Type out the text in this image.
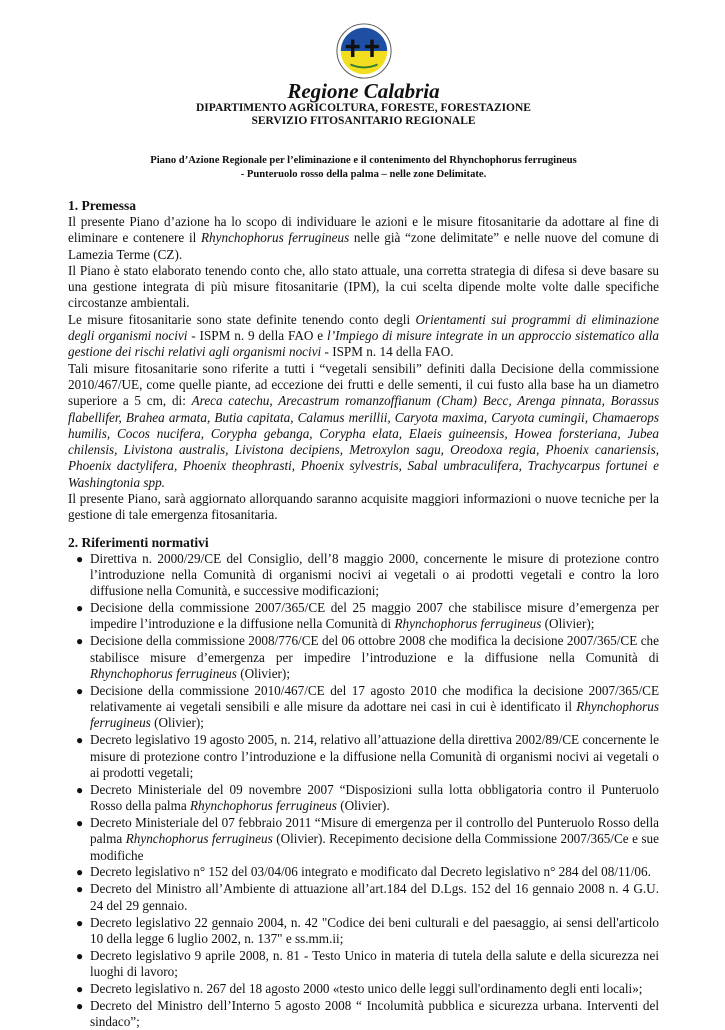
Regione Calabria
DIPARTIMENTO AGRICOLTURA, FORESTE, FORESTAZIONE
SERVIZIO FITOSANITARIO REGIONALE
Piano d’Azione Regionale per l’eliminazione e il contenimento del Rhynchophorus ferrugineus
- Punteruolo rosso della palma – nelle zone Delimitate.
1. Premessa

Il presente Piano d’azione ha lo scopo di individuare le azioni e le misure fitosanitarie da adottare al fine di eliminare e contenere il Rhynchophorus ferrugineus nelle già “zone delimitate” e nelle nuove del comune di Lamezia Terme (CZ).

Il Piano è stato elaborato tenendo conto che, allo stato attuale, una corretta strategia di difesa si deve basare su una gestione integrata di più misure fitosanitarie (IPM), la cui scelta dipende molte volte dalle specifiche circostanze ambientali.

Le misure fitosanitarie sono state definite tenendo conto degli Orientamenti sui programmi di eliminazione degli organismi nocivi - ISPM n. 9 della FAO e l’Impiego di misure integrate in un approccio sistematico alla gestione dei rischi relativi agli organismi nocivi - ISPM n. 14 della FAO.

Tali misure fitosanitarie sono riferite a tutti i “vegetali sensibili” definiti dalla Decisione della commissione 2010/467/UE, come quelle piante, ad eccezione dei frutti e delle sementi, il cui fusto alla base ha un diametro superiore a 5 cm, di: Areca catechu, Arecastrum romanzoffianum (Cham) Becc, Arenga pinnata, Borassus flabellifer, Brahea armata, Butia capitata, Calamus merillii, Caryota maxima, Caryota cumingii, Chamaerops humilis, Cocos nucifera, Corypha gebanga, Corypha elata, Elaeis guineensis, Howea forsteriana, Jubea chilensis, Livistona australis, Livistona decipiens, Metroxylon sagu, Oreodoxa regia, Phoenix canariensis, Phoenix dactylifera, Phoenix theophrasti, Phoenix sylvestris, Sabal umbraculifera, Trachycarpus fortunei e Washingtonia spp.

Il presente Piano, sarà aggiornato allorquando saranno acquisite maggiori informazioni o nuove tecniche per la gestione di tale emergenza fitosanitaria.

2. Riferimenti normativi
● Direttiva n. 2000/29/CE del Consiglio, dell’8 maggio 2000, concernente le misure di protezione contro l’introduzione nella Comunità di organismi nocivi ai vegetali o ai prodotti vegetali e contro la loro diffusione nella Comunità, e successive modificazioni;
● Decisione della commissione 2007/365/CE del 25 maggio 2007 che stabilisce misure d’emergenza per impedire l’introduzione e la diffusione nella Comunità di Rhynchophorus ferrugineus (Olivier);
● Decisione della commissione 2008/776/CE del 06 ottobre 2008 che modifica la decisione 2007/365/CE che stabilisce misure d’emergenza per impedire l’introduzione e la diffusione nella Comunità di Rhynchophorus ferrugineus (Olivier);
● Decisione della commissione 2010/467/CE del 17 agosto 2010 che modifica la decisione 2007/365/CE relativamente ai vegetali sensibili e alle misure da adottare nei casi in cui è identificato il Rhynchophorus ferrugineus (Olivier);
● Decreto legislativo 19 agosto 2005, n. 214, relativo all’attuazione della direttiva 2002/89/CE concernente le misure di protezione contro l’introduzione e la diffusione nella Comunità di organismi nocivi ai vegetali o ai prodotti vegetali;
● Decreto Ministeriale del 09 novembre 2007 “Disposizioni sulla lotta obbligatoria contro il Punteruolo Rosso della palma Rhynchophorus ferrugineus (Olivier).
● Decreto Ministeriale del 07 febbraio 2011 “Misure di emergenza per il controllo del Punteruolo Rosso della palma Rhynchophorus ferrugineus (Olivier). Recepimento decisione della Commissione 2007/365/Ce e sue modifiche
● Decreto legislativo n° 152 del 03/04/06 integrato e modificato dal Decreto legislativo n° 284 del 08/11/06.
● Decreto del Ministro all’Ambiente di attuazione all’art.184 del D.Lgs. 152 del 16 gennaio 2008 n. 4 G.U. 24 del 29 gennaio.
● Decreto legislativo 22 gennaio 2004, n. 42 "Codice dei beni culturali e del paesaggio, ai sensi dell'articolo 10 della legge 6 luglio 2002, n. 137" e ss.mm.ii;
● Decreto legislativo 9 aprile 2008, n. 81 - Testo Unico in materia di tutela della salute e della sicurezza nei luoghi di lavoro;
● Decreto legislativo n. 267 del 18 agosto 2000 «testo unico delle leggi sull'ordinamento degli enti locali»;
● Decreto del Ministro dell’Interno 5 agosto 2008 “ Incolumità pubblica e sicurezza urbana. Interventi del sindaco”;
